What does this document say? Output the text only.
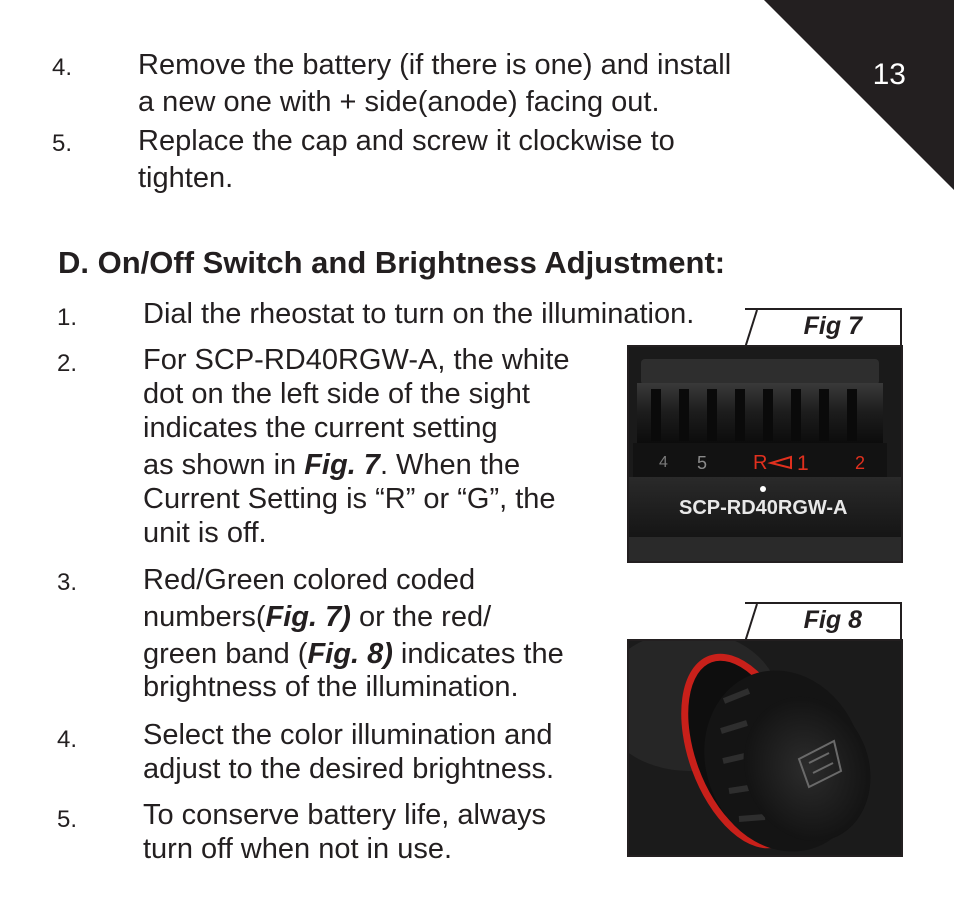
13
4. Remove the battery (if there is one) and install
a new one with + side(anode) facing out.
5. Replace the cap and screw it clockwise to
tighten.
D. On/Off Switch and Brightness Adjustment:
1. Dial the rheostat to turn on the illumination.
2. For SCP-RD40RGW-A, the white
dot on the left side of the sight
indicates the current setting
as shown in Fig. 7. When the
Current Setting is “R” or “G”, the
unit is off.
3. Red/Green colored coded
numbers(Fig. 7) or the red/
green band (Fig. 8) indicates the
brightness of the illumination.
4. Select the color illumination and
adjust to the desired brightness.
5. To conserve battery life, always
turn off when not in use.
Fig 7
4 5 R 1	2
SCP-RD40RGW-A
Fig 8
